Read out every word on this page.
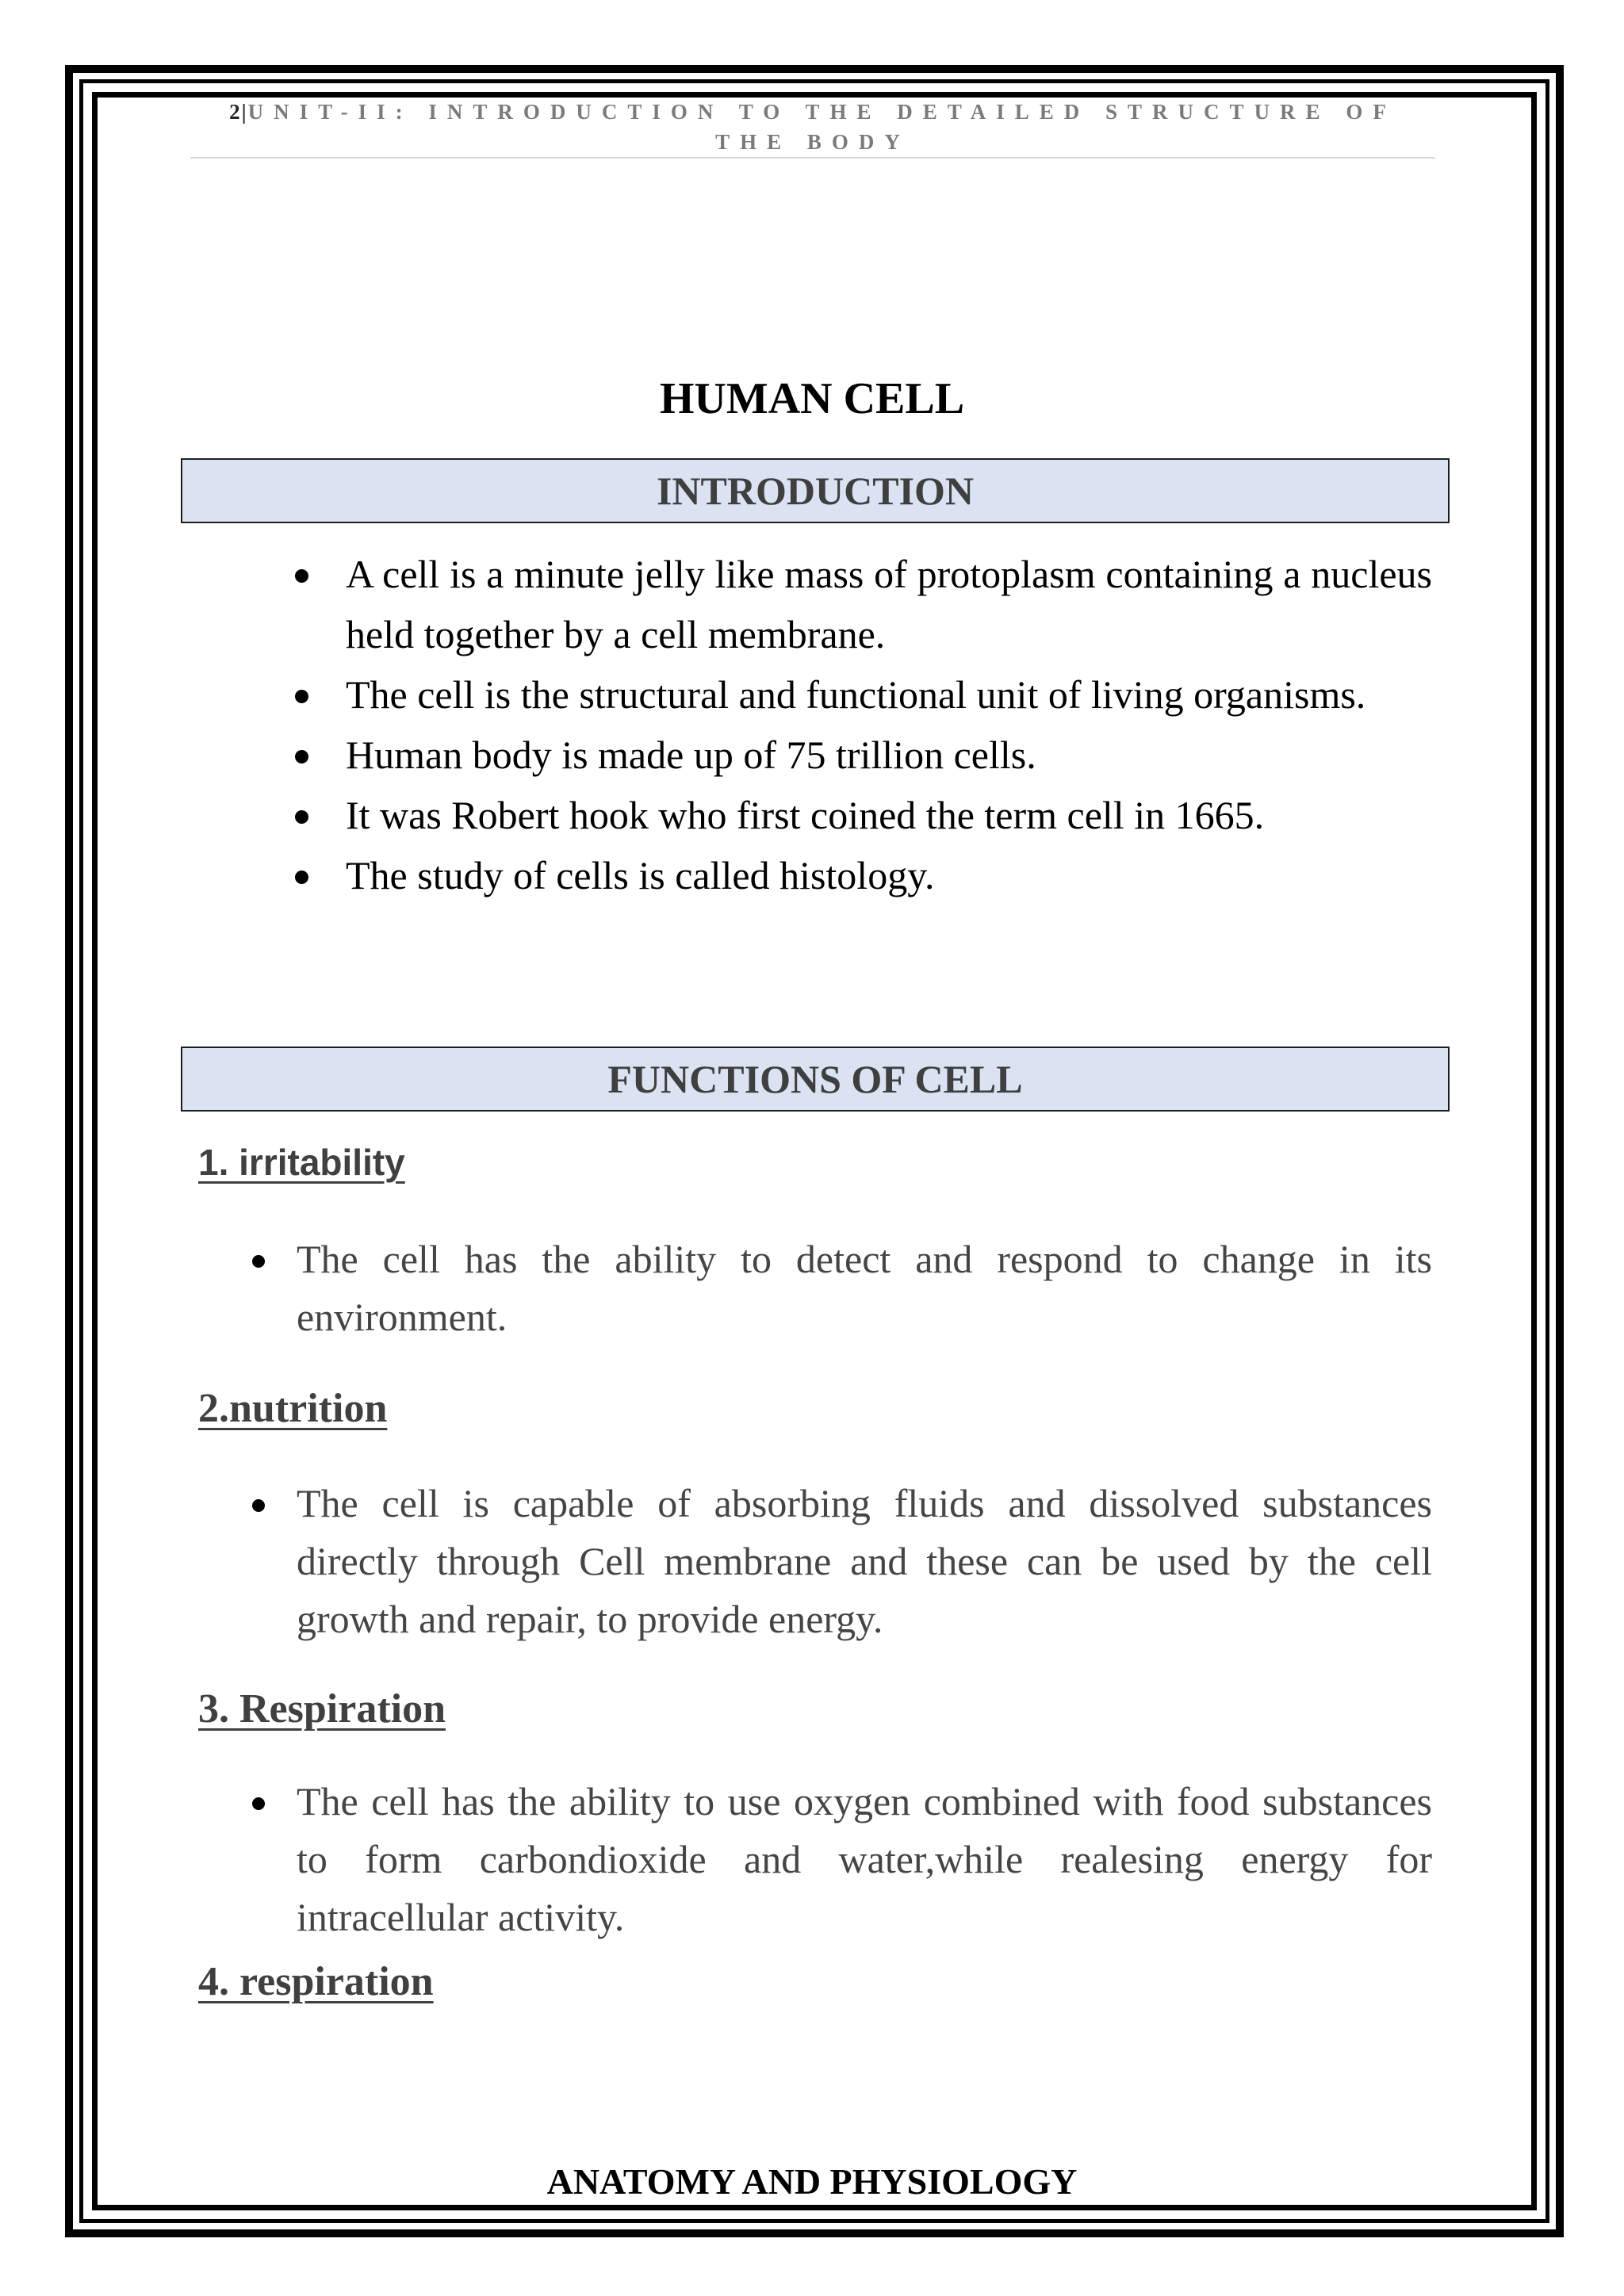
2|UNIT-II: INTRODUCTION TO THE DETAILED STRUCTURE OF THE BODY
HUMAN CELL
INTRODUCTION
A cell is a minute jelly like mass of protoplasm containing a nucleus held together by a cell membrane.
The cell is the structural and functional unit of living organisms.
Human body is made up of 75 trillion cells.
It was Robert hook who first coined the term cell in 1665.
The study of cells is called histology.
FUNCTIONS OF CELL
1. irritability
The cell has the ability to detect and respond to change in its environment.
2.nutrition
The cell is capable of absorbing fluids and dissolved substances directly through Cell membrane and these can be used by the cell growth and repair, to provide energy.
3. Respiration
The cell has the ability to use oxygen combined with food substances to form carbondioxide and water,while realesing energy for intracellular activity.
4. respiration
ANATOMY AND PHYSIOLOGY
